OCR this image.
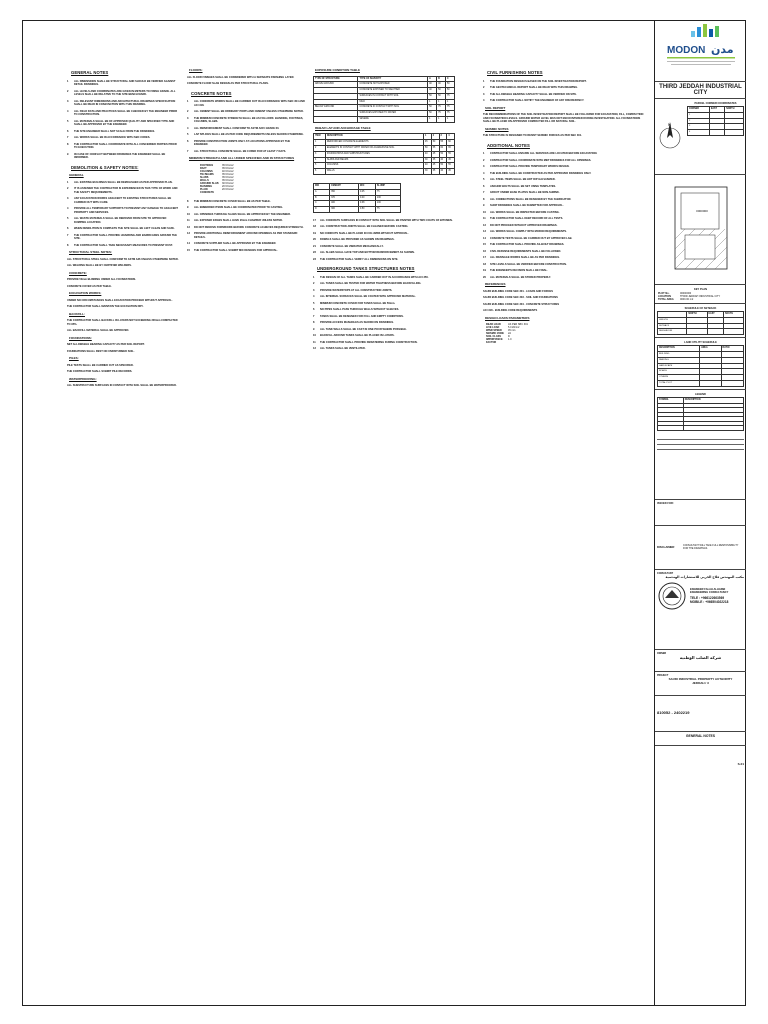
GENERAL NOTES
1	ALL DIMENSIONS SHALL BE STRUCTURAL AND SHOULD BE VERIFIED AGAINST DETAIL DRAWINGS.
2	ALL LEVELS AND COORDINATES ARE GIVEN IN METERS TO FINISH GRADE. ALL LEVELS SHALL BE RELATIVE TO THE SITE BENCH MARK.
3	ALL RELEVANT DIMENSIONS AND ARCHITECTURAL DRAWINGS SPECIFICATION SHALL BE READ IN CONJUNCTION WITH THIS DRAWING.
4	ALL FIELD DATA AND PRACTICES SHALL BE CHECKED BY THE ENGINEER PRIOR TO CONSTRUCTION.
5	ALL MATERIALS SHALL BE OF APPROVED QUALITY AND SPECIFIED TYPE AND SHALL BE APPROVED BY THE ENGINEER.
6	THE SITE ENGINEER SHALL NOT SCALE FROM THE DRAWINGS.
7	ALL WORKS SHALL BE IN ACCORDANCE WITH SBC CODES.
8	THE CONTRACTOR SHALL COORDINATE WITH ALL CONCERNED PARTIES PRIOR TO EXECUTION.
9	IN CASE OF CONFLICT BETWEEN DRAWINGS THE ENGINEER SHALL BE INFORMED.
DEMOLITION & SAFETY NOTES:
GENERAL
1	ALL EXISTING BUILDINGS SHALL BE DEMOLISHED AS PER APPROVED PLAN.
2	IT IS ASSUMED THE CONTRACTOR IS EXPERIENCED IN THIS TYPE OF WORK AND THE SAFETY REQUIREMENTS.
3	ANY EXCAVATION WORKS ADJACENT TO EXISTING STRUCTURES SHALL BE CARRIED OUT WITH CARE.
4	PROVIDE ALL TEMPORARY SUPPORTS TO PREVENT ANY DAMAGE TO ADJACENT PROPERTY AND SERVICES.
5	ALL WASTE MATERIALS SHALL BE REMOVED FROM SITE TO APPROVED DUMPING LOCATION.
6	WHEN DEMOLITION IS COMPLETE THE SITE SHALL BE LEFT CLEAN AND SAFE.
7	THE CONTRACTOR SHALL PROVIDE HOARDING AND BARRICADES AROUND THE SITE.
8	THE CONTRACTOR SHALL TAKE NECESSARY MEASURES TO PREVENT DUST.
STRUCTURAL STEEL NOTES:
ALL STRUCTURAL STEEL SHALL CONFORM TO ASTM A36 UNLESS OTHERWISE NOTED.
ALL WELDING SHALL BE BY CERTIFIED WELDERS.
CONCRETE:
PROVIDE 50mm BLINDING UNDER ALL FOUNDATIONS.
CONCRETE COVER AS PER TABLE.
EXCAVATION WORKS:
UNDER NO CIRCUMSTANCES SHALL EXCAVATION PROCEED WITHOUT APPROVAL.
THE CONTRACTOR SHALL MAINTAIN THE EXCAVATION DRY.
BACKFILL:
THE CONTRACTOR SHALL BACKFILL IN LAYERS NOT EXCEEDING 200mm COMPACTED TO 95%.
ALL BACKFILL MATERIAL SHALL BE APPROVED.
FOUNDATIONS:
NET ALLOWABLE BEARING CAPACITY AS PER SOIL REPORT.
FOUNDATIONS SHALL REST ON UNDISTURBED SOIL.
PILES:
PILE TESTS SHALL BE CARRIED OUT AS SPECIFIED.
THE CONTRACTOR SHALL SUBMIT PILE RECORDS.
WATERPROOFING:
ALL SUBSTRUCTURE SURFACES IN CONTACT WITH SOIL SHALL BE WATERPROOFED.
FLOORS:
ALL FLOOR FINISHES SHALL BE CONSIDERED WITH A SEPARATE FINISHING LAYER.
CONCRETE FLOOR SLAB DESIGN AS PER STRUCTURAL PLANS.
CONCRETE NOTES
1	ALL CONCRETE WORKS SHALL BE CARRIED OUT IN ACCORDANCE WITH SBC 304 AND ACI 318.
2	ALL CEMENT SHALL BE ORDINARY PORTLAND CEMENT UNLESS OTHERWISE NOTED.
3	THE MINIMUM CONCRETE STRENGTH SHALL BE AS FOLLOWS: BLINDING, FOOTINGS, COLUMNS, SLABS.
4	ALL REINFORCEMENT SHALL CONFORM TO ASTM A615 GRADE 60.
5	LAP SPLICES SHALL BE AS PER CODE REQUIREMENTS UNLESS SHOWN OTHERWISE.
6	PROVIDE CONSTRUCTION JOINTS ONLY AT LOCATIONS APPROVED BY THE ENGINEER.
7	ALL STRUCTURAL CONCRETE SHALL BE CURED FOR AT LEAST 7 DAYS.
MINIMUM STRENGTH AND ALL UNDER SPECIFIED AND IN STRUCTURES
FOOTINGS	35 N/mm2
RAFT	35 N/mm2
COLUMNS	40 N/mm2
TIE BEAMS	35 N/mm2
SLABS	35 N/mm2
WALLS	35 N/mm2
GROUND SLAB	30 N/mm2
BLINDING	20 N/mm2
PLAIN CONCRETE
20 N/mm2
8	THE MINIMUM CONCRETE COVER SHALL BE AS PER TABLE.
9	ALL EMBEDDED ITEMS SHALL BE COORDINATED PRIOR TO CASTING.
10	ALL OPENINGS THROUGH SLABS SHALL BE APPROVED BY THE ENGINEER.
11	ALL EXPOSED EDGES SHALL HAVE 20mm CHAMFER UNLESS NOTED.
12	DO NOT REMOVE FORMWORK BEFORE CONCRETE ACHIEVES REQUIRED STRENGTH.
13	PROVIDE ADDITIONAL REINFORCEMENT AROUND OPENINGS AS PER STANDARD DETAILS.
14	CONCRETE SUPPLIER SHALL BE APPROVED BY THE ENGINEER.
15	THE CONTRACTOR SHALL SUBMIT MIX DESIGNS FOR APPROVAL.
EXPOSURE CONDITION TABLE
TYPE OF STRUCTURE	TYPE OF SEVERITY	A	B	C
ABOVE GROUND	CONCRETE NOT EXPOSED	40	40	50
	CONCRETE EXPOSED TO WEATHER	40	50	50
	SURFACES IN CONTACT WITH SOIL	50	50	75
	MILD	1	1	1
BELOW GROUND	CONCRETE IN CONTACT WITH SOIL	50	75	75
	SURFACES EXPOSED TO WATER	50	75	75
	SEVERE	1	1	1
REBAR LAP AND ANCHORAGE TABLE
ITEM	DESCRIPTION	1	2	3	4
1	REINFORCED CONCRETE ELEMENTS	45	50	55	60
2	ELEMENTS IN CONTACT WITH WATER OR AGGRESSIVE SOIL	50	55	60	65
3	FOUNDATIONS AND SUBSTRUCTURES	40	45	50	55
4	SLABS AND BEAMS	30	35	40	45
5	COLUMNS	40	45	50	55
6	WALLS	30	35	40	45
MIX	CEMENT	W/C	SLUMP
A	350	0.45	75
B	370	0.40	100
C	400	0.38	100
D	300	0.50	75
17	ALL CONCRETE SURFACES IN CONTACT WITH SOIL SHALL BE PAINTED WITH TWO COATS OF BITUMEN.
18	ALL CONSTRUCTION JOINTS SHALL BE CLEANED BEFORE CASTING.
19	NO CONDUITS SHALL BE PLACED IN COLUMNS WITHOUT APPROVAL.
20	DOWELS SHALL BE PROVIDED AS SHOWN ON DRAWINGS.
21	CONCRETE SHALL BE VIBRATED MECHANICALLY.
22	ALL SLABS SHALL HAVE TOP AND BOTTOM REINFORCEMENT AS SHOWN.
23	THE CONTRACTOR SHALL VERIFY ALL DIMENSIONS ON SITE.
UNDERGROUND TANKS STRUCTURES NOTES
1	THE DESIGN OF ALL TANKS SHALL BE CARRIED OUT IN ACCORDANCE WITH ACI 350.
2	ALL TANKS SHALL BE TESTED FOR WATER TIGHTNESS BEFORE BACKFILLING.
3	PROVIDE WATERSTOPS AT ALL CONSTRUCTION JOINTS.
4	ALL INTERNAL SURFACES SHALL BE COATED WITH APPROVED MATERIAL.
5	MINIMUM CONCRETE COVER FOR TANKS SHALL BE 50mm.
6	NO PIPES SHALL PASS THROUGH WALLS WITHOUT SLEEVES.
7	TANKS SHALL BE DESIGNED FOR FULL AND EMPTY CONDITIONS.
8	PROVIDE ACCESS MANHOLES AS SHOWN ON DRAWINGS.
9	ALL TANK WALLS SHALL BE CAST IN ONE POUR WHERE POSSIBLE.
10	BACKFILL AROUND TANKS SHALL BE PLACED IN LAYERS.
11	THE CONTRACTOR SHALL PROVIDE DEWATERING DURING CONSTRUCTION.
12	ALL TANKS SHALL BE VENTILATED.
CIVIL FURNISHING NOTES
1	THE FOUNDATION DESIGN IS BASED ON THE SOIL INVESTIGATION REPORT.
2	THE GEOTECHNICAL REPORT SHALL BE READ WITH THIS DRAWING.
3	THE ALLOWABLE BEARING CAPACITY SHALL BE VERIFIED ON SITE.
4	THE CONTRACTOR SHALL NOTIFY THE ENGINEER OF ANY DISCREPANCY.
SOIL REPORT
THE RECOMMENDATIONS OF THE SOIL INVESTIGATION REPORT SHALL BE FOLLOWED FOR EXCAVATION, FILL, COMPACTION AND FOUNDATION LEVELS. GROUND WATER LEVEL WAS NOT ENCOUNTERED DURING INVESTIGATION. ALL FOUNDATIONS SHALL BE PLACED ON APPROVED COMPACTED FILL OR NATURAL SOIL.
SEISMIC NOTES
THE STRUCTURE IS DESIGNED TO RESIST SEISMIC FORCES AS PER SBC 301.
ADDITIONAL NOTES
1	CONTRACTOR SHALL ENSURE ALL SERVICES ARE LOCATED BEFORE EXCAVATION.
2	CONTRACTOR SHALL COORDINATE WITH MEP DRAWINGS FOR ALL OPENINGS.
3	CONTRACTOR SHALL PROVIDE TEMPORARY WORKS DESIGN.
4	THE BUILDING SHALL BE CONSTRUCTED AS PER APPROVED DRAWINGS ONLY.
5	ALL STEEL ITEMS SHALL BE HOT DIP GALVANIZED.
6	ANCHOR BOLTS SHALL BE SET USING TEMPLATES.
7	GROUT UNDER BASE PLATES SHALL BE NON-SHRINK.
8	ALL CONNECTIONS SHALL BE DESIGNED BY THE FABRICATOR.
9	SHOP DRAWINGS SHALL BE SUBMITTED FOR APPROVAL.
10	ALL WORKS SHALL BE INSPECTED BEFORE CASTING.
11	THE CONTRACTOR SHALL KEEP RECORD OF ALL TESTS.
12	DO NOT PROCEED WITHOUT APPROVED DRAWINGS.
13	ALL WORKS SHALL COMPLY WITH MODON REQUIREMENTS.
14	CONCRETE TESTS SHALL BE CARRIED OUT BY APPROVED LAB.
15	THE CONTRACTOR SHALL PROVIDE AS-BUILT DRAWINGS.
16	CIVIL DEFENSE REQUIREMENTS SHALL BE FOLLOWED.
17	ALL DRAINAGE WORKS SHALL BE AS PER DRAWINGS.
18	SITE LEVELS SHALL BE VERIFIED BEFORE CONSTRUCTION.
19	THE ENGINEER'S DECISION SHALL BE FINAL.
20	ALL MATERIALS SHALL BE STORED PROPERLY.
REFERENCES
SAUDI BUILDING CODE SBC 301 - LOADS AND FORCES
SAUDI BUILDING CODE SBC 303 - SOIL AND FOUNDATIONS
SAUDI BUILDING CODE SBC 304 - CONCRETE STRUCTURES
ACI 318 - BUILDING CODE REQUIREMENTS
DESIGN LOADS PARAMETERS
DEAD LOAD	AS PER SBC 301
LIVE LOAD	5.0 kN/m2
WIND SPEED	45 m/s
SEISMIC ZONE	2A
SOIL CLASS	D
IMPORTANCE FACTOR
1.0
MODON مدن
THIRD JEDDAH INDUSTRIAL CITY
N
PARCEL CORNER COORDINATES
CORNER	EAST	NORTH
1		
2		
3		
4		
0000000
KEY PLAN
PLOT No.	00000000
LOCATION	THIRD JEDDAH INDUSTRIAL CITY
TOTAL AREA	0000.00 m2
SCHEDULE OF SETBACK
	NORTH	EAST	SOUTH
LENGTH			
SETBACK			
NEIGHBOUR			
LAND UTILITY SCHEDULE
DESCRIPTION	AREA	RATIO
BUILDING		
PARKING		
LANDSCAPE		
ROADS		
OTHERS		
TOTAL PLOT		
LEGEND
SYMBOL	DESCRIPTION

ISSUED FOR:
DISCLAIMER	CONSULTANT WILL TAKE FULL RESPONSIBILITY FOR THE DRAWINGS.
CONSULTANT
مكتب المهندس فلاح الحربي للاستشارات الهندسية
ENGINEER FALAH ALHARBI ENGINEERING CONSULTANCY
TELE : +966122663569
MOBILE : +966504022218
OWNER
شركة الصلب الوطنية
PROJECT
SAUDI INDUSTRIAL PROPERTY AUTHORITY
JEDDAH / 3
810052 - 2402219
GENERAL NOTES
S-01
